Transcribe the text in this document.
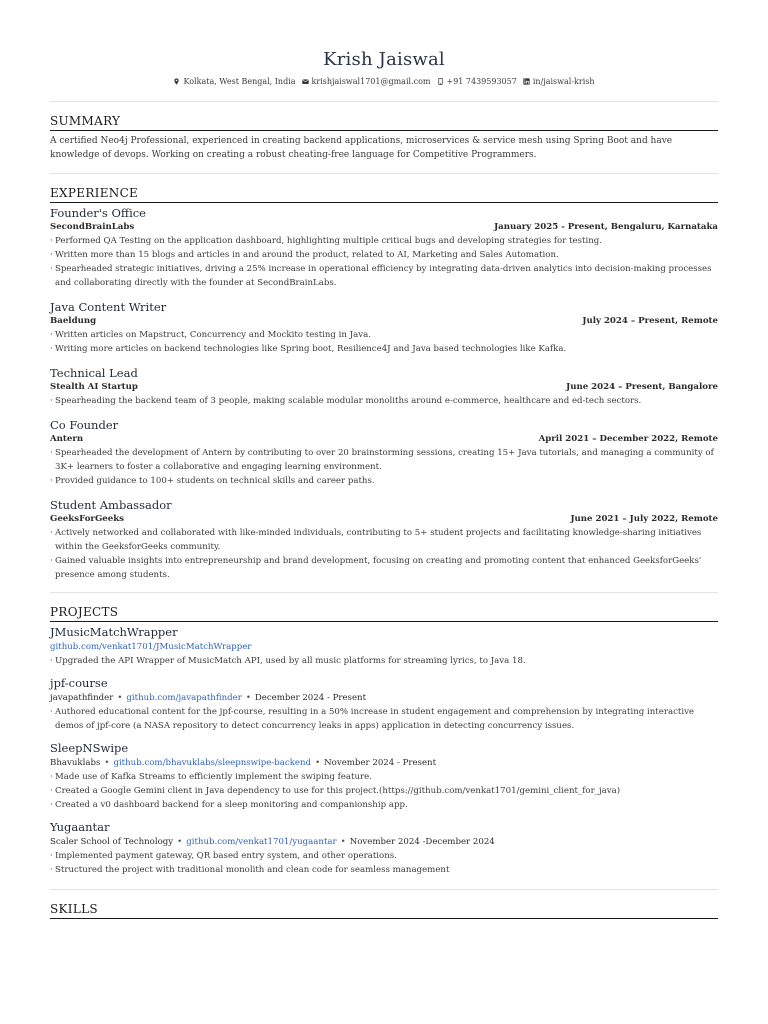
Krish Jaiswal
Kolkata, West Bengal, India krishjaiswal1701@gmail.com +91 7439593057 in/jaiswal-krish
SUMMARY
A certified Neo4j Professional, experienced in creating backend applications, microservices & service mesh using Spring Boot and have knowledge of devops. Working on creating a robust cheating-free language for Competitive Programmers.
EXPERIENCE
Founder's Office
SecondBrainLabs	January 2025 - Present, Bengaluru, Karnataka
· Performed QA Testing on the application dashboard, highlighting multiple critical bugs and developing strategies for testing.
· Written more than 15 blogs and articles in and around the product, related to AI, Marketing and Sales Automation.
· Spearheaded strategic initiatives, driving a 25% increase in operational efficiency by integrating data-driven analytics into decision-making processes and collaborating directly with the founder at SecondBrainLabs.
Java Content Writer
Baeldung	July 2024 – Present, Remote
· Written articles on Mapstruct, Concurrency and Mockito testing in Java.
· Writing more articles on backend technologies like Spring boot, Resilience4J and Java based technologies like Kafka.
Technical Lead
Stealth AI Startup	June 2024 – Present, Bangalore
· Spearheading the backend team of 3 people, making scalable modular monoliths around e-commerce, healthcare and ed-tech sectors.
Co Founder
Antern	April 2021 – December 2022, Remote
· Spearheaded the development of Antern by contributing to over 20 brainstorming sessions, creating 15+ Java tutorials, and managing a community of 3K+ learners to foster a collaborative and engaging learning environment.
· Provided guidance to 100+ students on technical skills and career paths.
Student Ambassador
GeeksForGeeks	June 2021 – July 2022, Remote
· Actively networked and collaborated with like-minded individuals, contributing to 5+ student projects and facilitating knowledge-sharing initiatives within the GeeksforGeeks community.
· Gained valuable insights into entrepreneurship and brand development, focusing on creating and promoting content that enhanced GeeksforGeeks' presence among students.
PROJECTS
JMusicMatchWrapper
github.com/venkat1701/JMusicMatchWrapper
· Upgraded the API Wrapper of MusicMatch API, used by all music platforms for streaming lyrics, to Java 18.
jpf-course
javapathfinder • github.com/javapathfinder • December 2024 - Present
· Authored educational content for the jpf-course, resulting in a 50% increase in student engagement and comprehension by integrating interactive demos of jpf-core (a NASA repository to detect concurrency leaks in apps) application in detecting concurrency issues.
SleepNSwipe
Bhavuklabs • github.com/bhavuklabs/sleepnswipe-backend • November 2024 - Present
· Made use of Kafka Streams to efficiently implement the swiping feature.
· Created a Google Gemini client in Java dependency to use for this project.(https://github.com/venkat1701/gemini_client_for_java)
· Created a v0 dashboard backend for a sleep monitoring and companionship app.
Yugaantar
Scaler School of Technology • github.com/venkat1701/yugaantar • November 2024 -December 2024
· Implemented payment gateway, QR based entry system, and other operations.
· Structured the project with traditional monolith and clean code for seamless management
SKILLS
